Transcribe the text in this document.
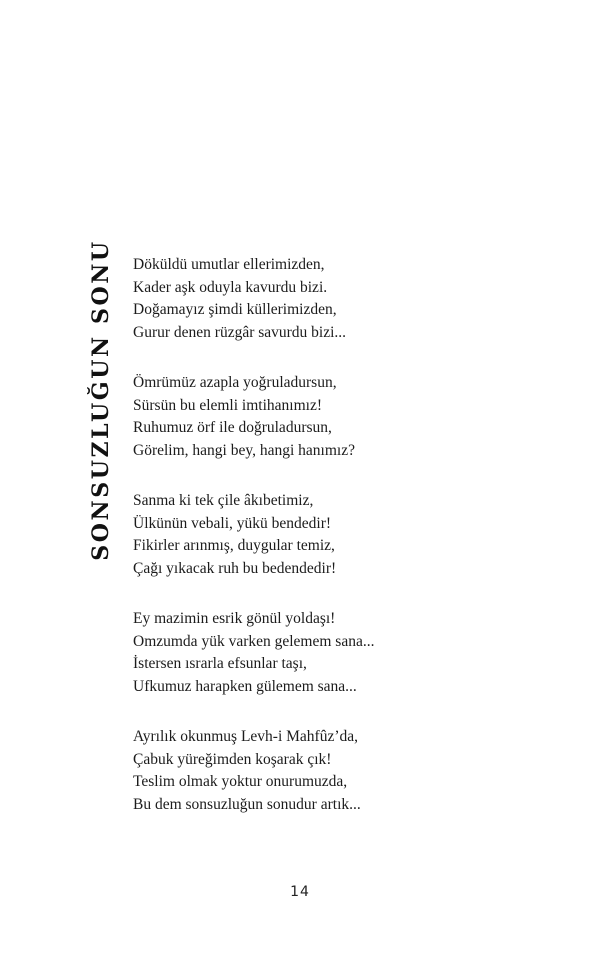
SONSUZLUĞUN SONU Döküldü umutlar ellerimizden,
Kader aşk oduyla kavurdu bizi.
Doğamayız şimdi küllerimizden,
Gurur denen rüzgâr savurdu bizi...
Ömrümüz azapla yoğruladursun,
Sürsün bu elemli imtihanımız!
Ruhumuz örf ile doğruladursun,
Görelim, hangi bey, hangi hanımız?
Sanma ki tek çile âkıbetimiz,
Ülkünün vebali, yükü bendedir!
Fikirler arınmış, duygular temiz,
Çağı yıkacak ruh bu bedendedir!
Ey mazimin esrik gönül yoldaşı!
Omzumda yük varken gelemem sana...
İstersen ısrarla efsunlar taşı,
Ufkumuz harapken gülemem sana...
Ayrılık okunmuş Levh-i Mahfûz’da,
Çabuk yüreğimden koşarak çık!
Teslim olmak yoktur onurumuzda,
Bu dem sonsuzluğun sonudur artık...
14
